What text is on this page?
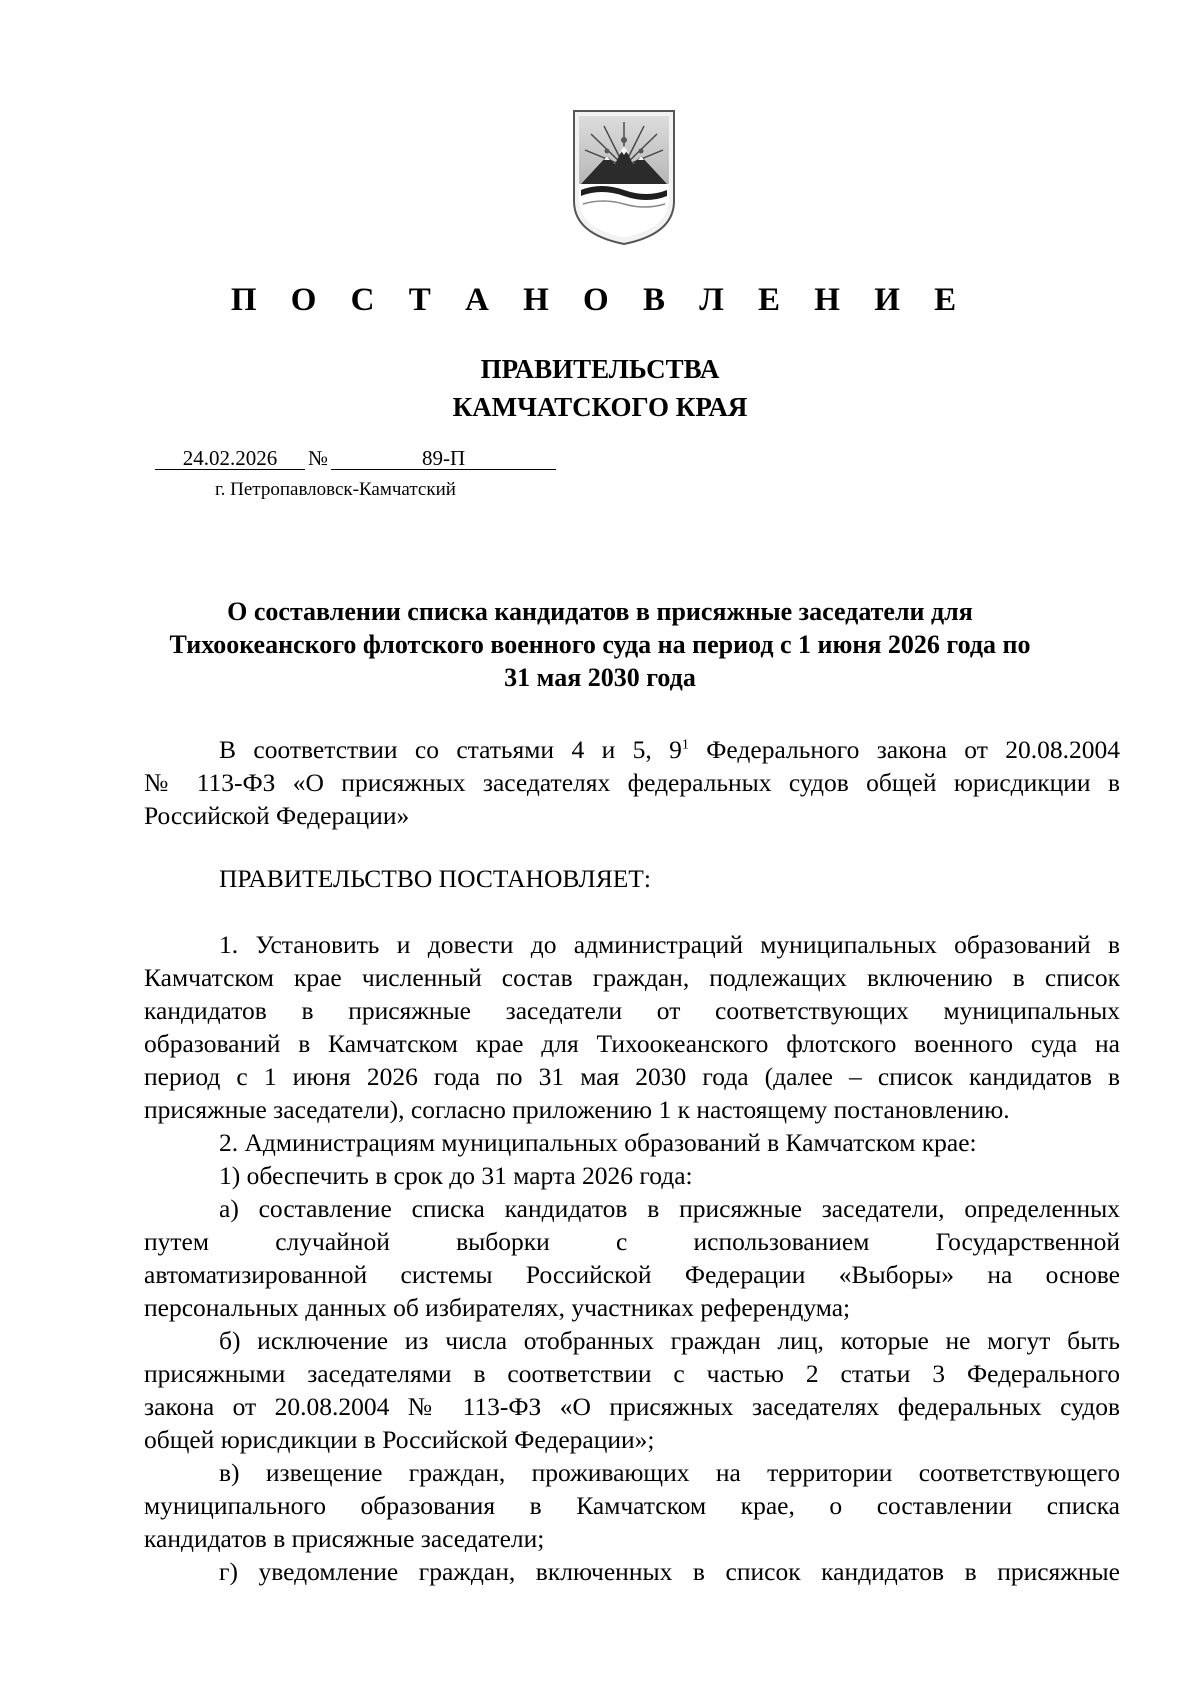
П О С Т А Н О В Л Е Н И Е
ПРАВИТЕЛЬСТВА
КАМЧАТСКОГО КРАЯ
24.02.2026 №	89-П
г. Петропавловск-Камчатский
О составлении списка кандидатов в присяжные заседатели для
Тихоокеанского флотского военного суда на период с 1 июня 2026 года по
31 мая 2030 года
В соответствии со статьями 4 и 5, $9^1$ Федерального закона от 20.08.2004
№ 113-ФЗ «О присяжных заседателях федеральных судов общей юрисдикции в
Российской Федерации»
ПРАВИТЕЛЬСТВО ПОСТАНОВЛЯЕТ:
1. Установить и довести до администраций муниципальных образований в
Камчатском крае численный состав граждан, подлежащих включению в список
кандидатов в присяжные заседатели от соответствующих муниципальных
образований в Камчатском крае для Тихоокеанского флотского военного суда на
период с 1 июня 2026 года по 31 мая 2030 года (далее – список кандидатов в
присяжные заседатели), согласно приложению 1 к настоящему постановлению.
2. Администрациям муниципальных образований в Камчатском крае:
1) обеспечить в срок до 31 марта 2026 года:
а) составление списка кандидатов в присяжные заседатели, определенных
путем случайной выборки с использованием Государственной
автоматизированной системы Российской Федерации «Выборы» на основе
персональных данных об избирателях, участниках референдума;
б) исключение из числа отобранных граждан лиц, которые не могут быть
присяжными заседателями в соответствии с частью 2 статьи 3 Федерального
закона от 20.08.2004 № 113-ФЗ «О присяжных заседателях федеральных судов
общей юрисдикции в Российской Федерации»;
в) извещение граждан, проживающих на территории соответствующего
муниципального образования в Камчатском крае, о составлении списка
кандидатов в присяжные заседатели;
г) уведомление граждан, включенных в список кандидатов в присяжные
